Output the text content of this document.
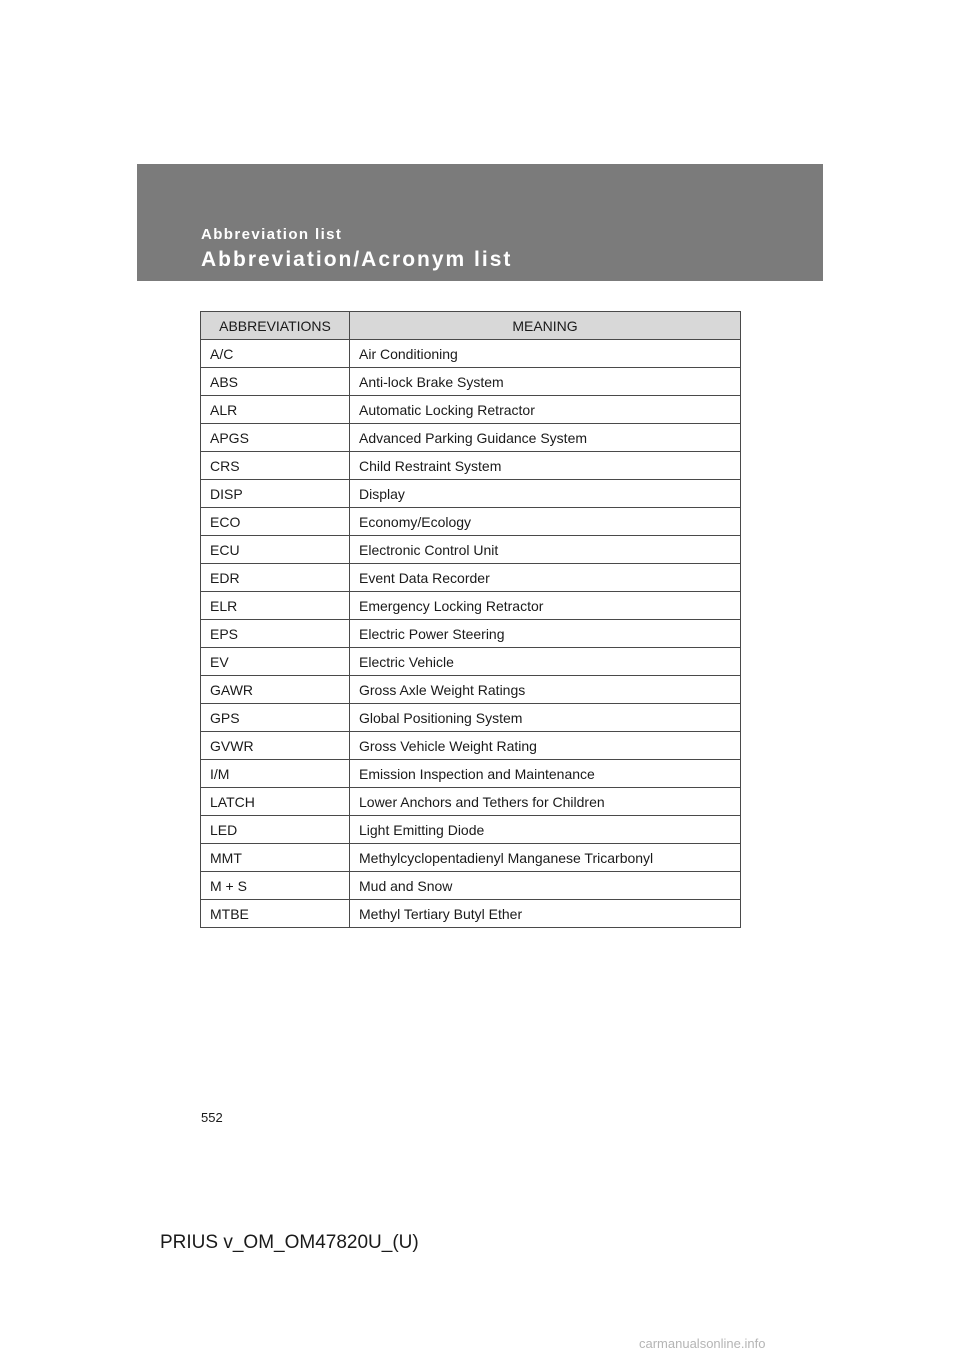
Abbreviation list
Abbreviation/Acronym list
ABBREVIATIONS	MEANING
A/C	Air Conditioning
ABS	Anti-lock Brake System
ALR	Automatic Locking Retractor
APGS	Advanced Parking Guidance System
CRS	Child Restraint System
DISP	Display
ECO	Economy/Ecology
ECU	Electronic Control Unit
EDR	Event Data Recorder
ELR	Emergency Locking Retractor
EPS	Electric Power Steering
EV	Electric Vehicle
GAWR	Gross Axle Weight Ratings
GPS	Global Positioning System
GVWR	Gross Vehicle Weight Rating
I/M	Emission Inspection and Maintenance
LATCH	Lower Anchors and Tethers for Children
LED	Light Emitting Diode
MMT	Methylcyclopentadienyl Manganese Tricarbonyl
M + S	Mud and Snow
MTBE	Methyl Tertiary Butyl Ether
552
PRIUS v_OM_OM47820U_(U)
carmanualsonline.info
